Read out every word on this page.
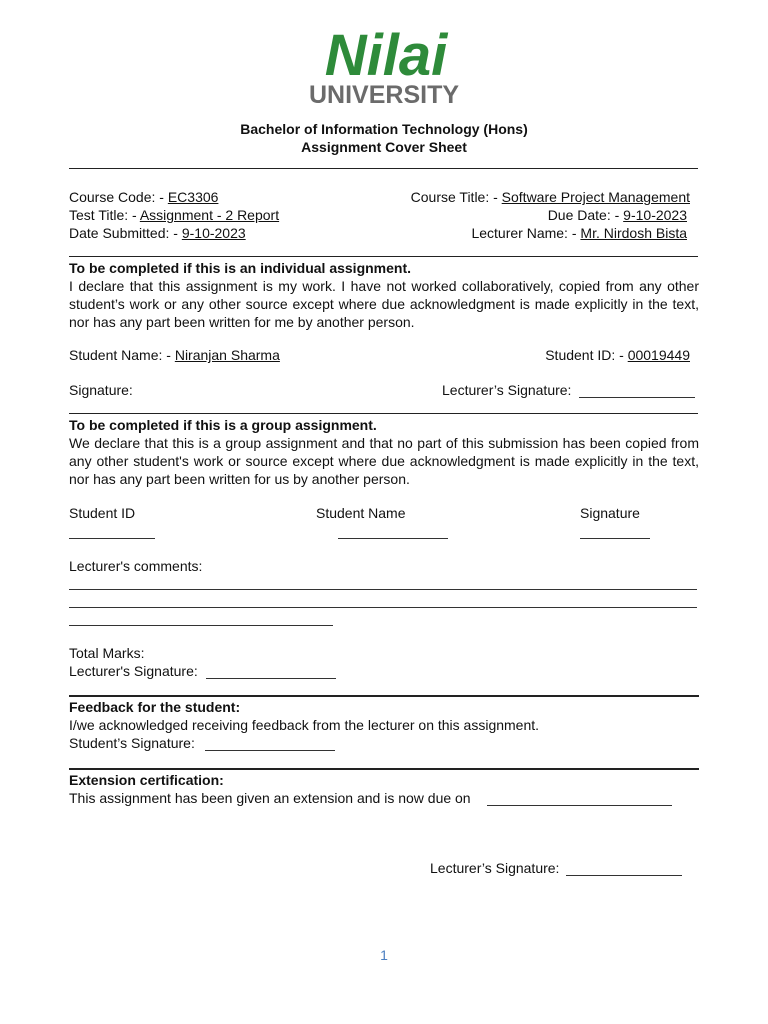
Nilai
UNIVERSITY
Bachelor of Information Technology (Hons)
Assignment Cover Sheet
Course Code: - EC3306	Course Title: - Software Project Management
Test Title: - Assignment - 2 Report	Due Date: - 9-10-2023
Date Submitted: - 9-10-2023	Lecturer Name: - Mr. Nirdosh Bista
To be completed if this is an individual assignment.
I declare that this assignment is my work. I have not worked collaboratively, copied from any other student’s work or any other source except where due acknowledgment is made explicitly in the text, nor has any part been written for me by another person.
Student Name: - Niranjan Sharma	Student ID: - 00019449
Signature:	Lecturer’s Signature:
To be completed if this is a group assignment.
We declare that this is a group assignment and that no part of this submission has been copied from any other student's work or source except where due acknowledgment is made explicitly in the text, nor has any part been written for us by another person.
Student ID	Student Name	Signature
Lecturer's comments:
Total Marks:
Lecturer's Signature:
Feedback for the student:
I/we acknowledged receiving feedback from the lecturer on this assignment.
Student’s Signature:
Extension certification:
This assignment has been given an extension and is now due on
Lecturer’s Signature:
1
